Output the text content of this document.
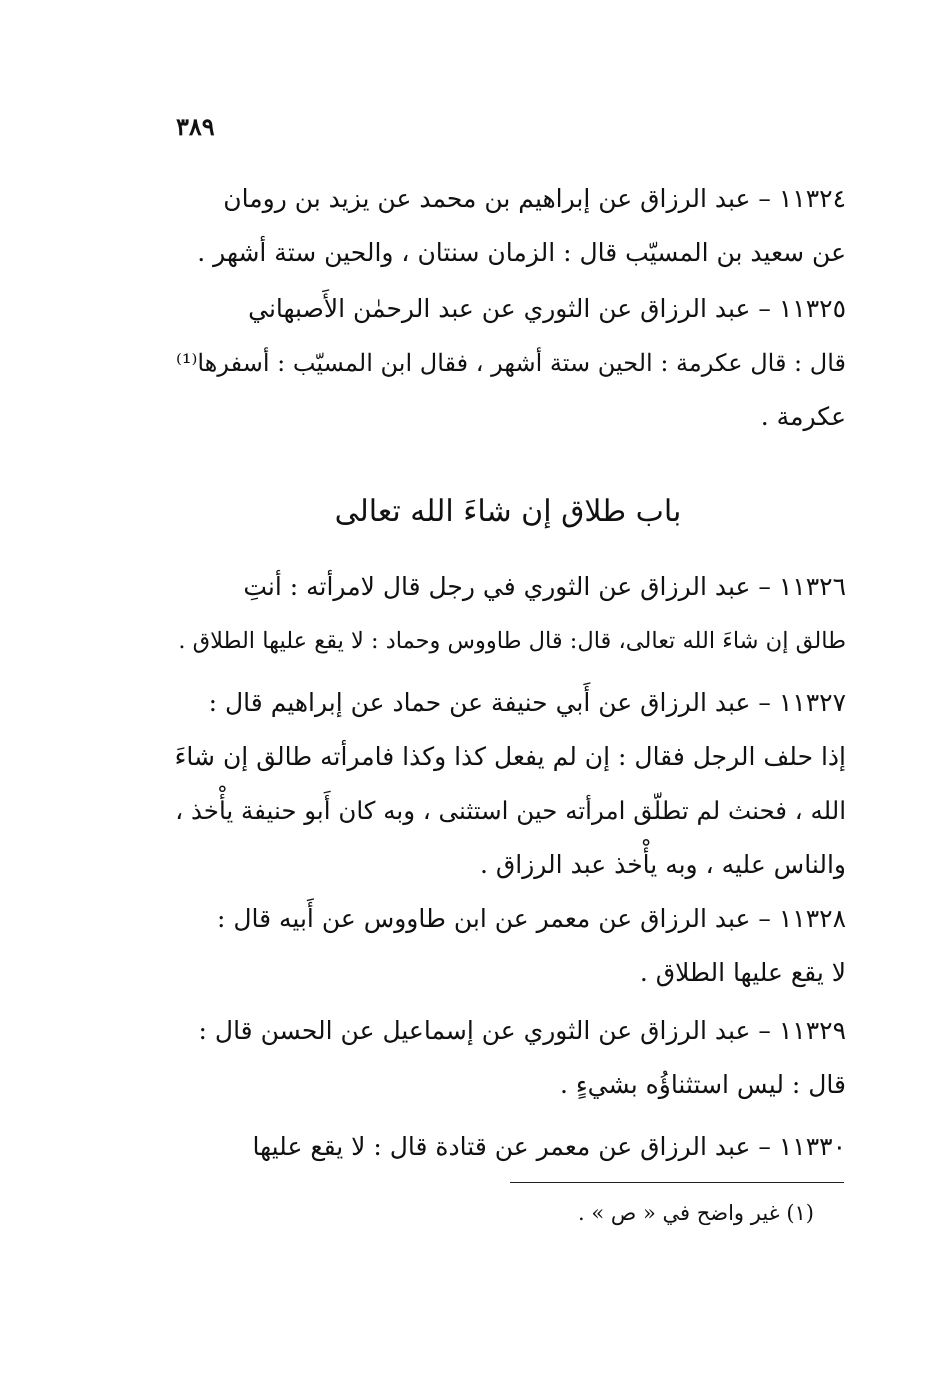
٣٨٩
١١٣٢٤ – عبد الرزاق عن إبراهيم بن محمد عن يزيد بن رومان
عن سعيد بن المسيّب قال : الزمان سنتان ، والحين ستة أشهر .
١١٣٢٥ – عبد الرزاق عن الثوري عن عبد الرحمٰن الأَصبهاني
قال : قال عكرمة : الحين ستة أشهر ، فقال ابن المسيّب : أسفرها⁽¹⁾
عكرمة .
باب طلاق إن شاءَ الله تعالى
١١٣٢٦ – عبد الرزاق عن الثوري في رجل قال لامرأته : أنتِ
طالق إن شاءَ الله تعالى، قال: قال طاووس وحماد : لا يقع عليها الطلاق .
١١٣٢٧ – عبد الرزاق عن أَبي حنيفة عن حماد عن إبراهيم قال :
إذا حلف الرجل فقال : إن لم يفعل كذا وكذا فامرأته طالق إن شاءَ
الله ، فحنث لم تطلّق امرأته حين استثنى ، وبه كان أَبو حنيفة يأْخذ ،
والناس عليه ، وبه يأْخذ عبد الرزاق .
١١٣٢٨ – عبد الرزاق عن معمر عن ابن طاووس عن أَبيه قال :
لا يقع عليها الطلاق .
١١٣٢٩ – عبد الرزاق عن الثوري عن إسماعيل عن الحسن قال :
قال : ليس استثناؤُه بشيءٍ .
١١٣٣٠ – عبد الرزاق عن معمر عن قتادة قال : لا يقع عليها
(١) غير واضح في « ص » .
